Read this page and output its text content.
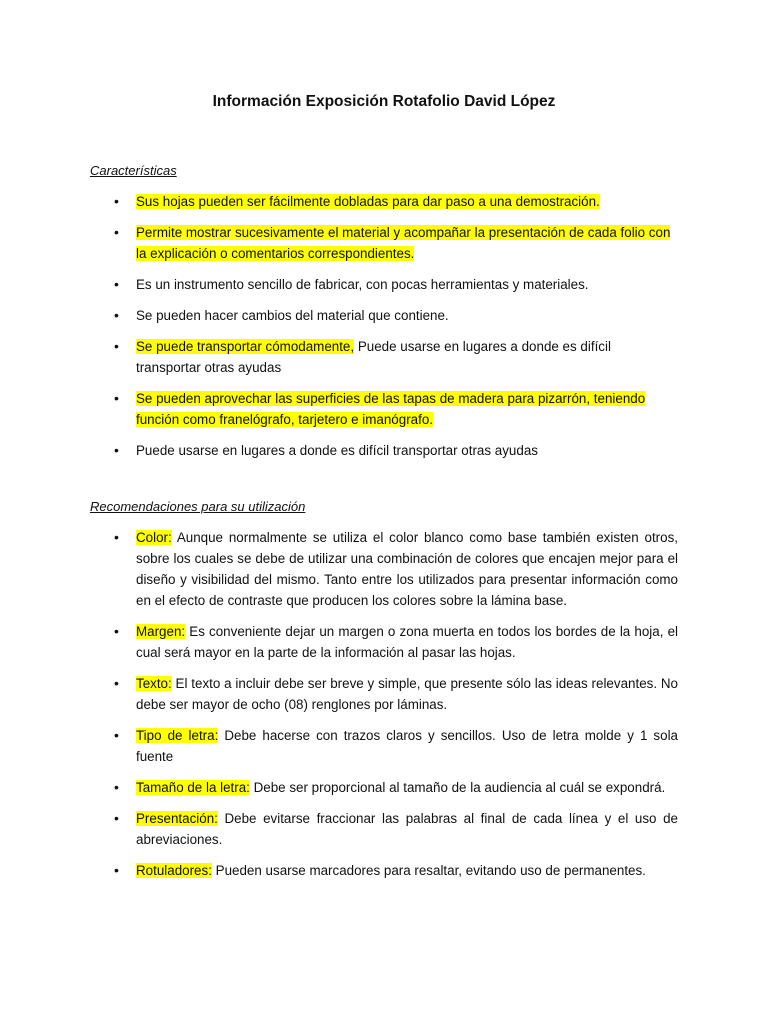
Información Exposición Rotafolio David López
Características
• Sus hojas pueden ser fácilmente dobladas para dar paso a una demostración.
• Permite mostrar sucesivamente el material y acompañar la presentación de cada folio con la explicación o comentarios correspondientes.
• Es un instrumento sencillo de fabricar, con pocas herramientas y materiales.
• Se pueden hacer cambios del material que contiene.
• Se puede transportar cómodamente, Puede usarse en lugares a donde es difícil transportar otras ayudas
• Se pueden aprovechar las superficies de las tapas de madera para pizarrón, teniendo función como franelógrafo, tarjetero e imanógrafo.
• Puede usarse en lugares a donde es difícil transportar otras ayudas
Recomendaciones para su utilización
• Color: Aunque normalmente se utiliza el color blanco como base también existen otros, sobre los cuales se debe de utilizar una combinación de colores que encajen mejor para el diseño y visibilidad del mismo. Tanto entre los utilizados para presentar información como en el efecto de contraste que producen los colores sobre la lámina base.
• Margen: Es conveniente dejar un margen o zona muerta en todos los bordes de la hoja, el cual será mayor en la parte de la información al pasar las hojas.
• Texto: El texto a incluir debe ser breve y simple, que presente sólo las ideas relevantes. No debe ser mayor de ocho (08) renglones por láminas.
• Tipo de letra: Debe hacerse con trazos claros y sencillos. Uso de letra molde y 1 sola fuente
• Tamaño de la letra: Debe ser proporcional al tamaño de la audiencia al cuál se expondrá.
• Presentación: Debe evitarse fraccionar las palabras al final de cada línea y el uso de abreviaciones.
• Rotuladores: Pueden usarse marcadores para resaltar, evitando uso de permanentes.
